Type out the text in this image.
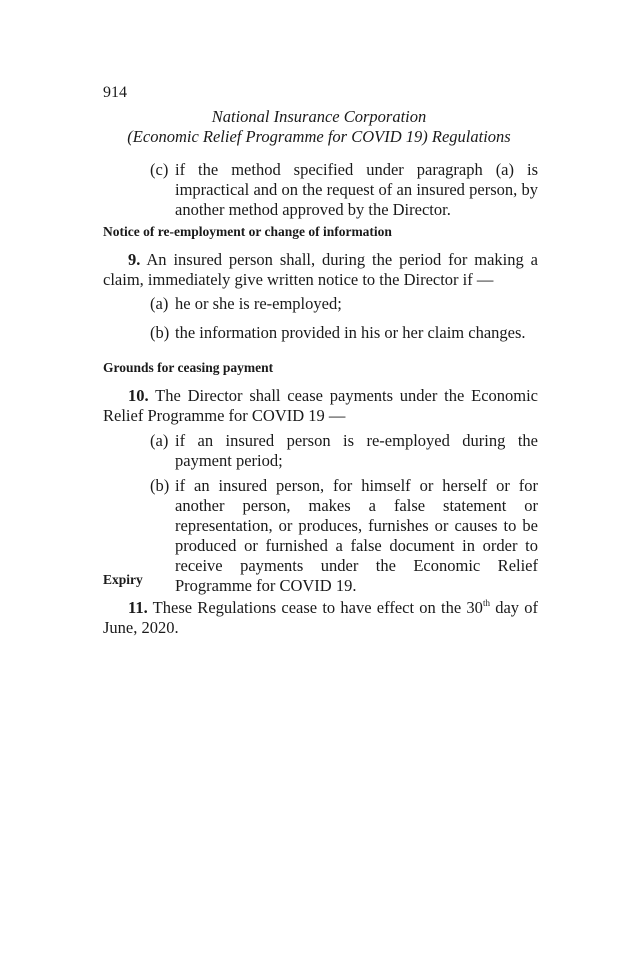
914
National Insurance Corporation
(Economic Relief Programme for COVID 19) Regulations
(c) if the method specified under paragraph (a) is impractical and on the request of an insured person, by another method approved by the Director.
Notice of re-employment or change of information
9. An insured person shall, during the period for making a claim, immediately give written notice to the Director if —
(a) he or she is re-employed;
(b) the information provided in his or her claim changes.
Grounds for ceasing payment
10. The Director shall cease payments under the Economic Relief Programme for COVID 19 —
(a) if an insured person is re-employed during the payment period;
(b) if an insured person, for himself or herself or for another person, makes a false statement or representation, or produces, furnishes or causes to be produced or furnished a false document in order to receive payments under the Economic Relief Programme for COVID 19.
Expiry
11. These Regulations cease to have effect on the 30th day of June, 2020.
